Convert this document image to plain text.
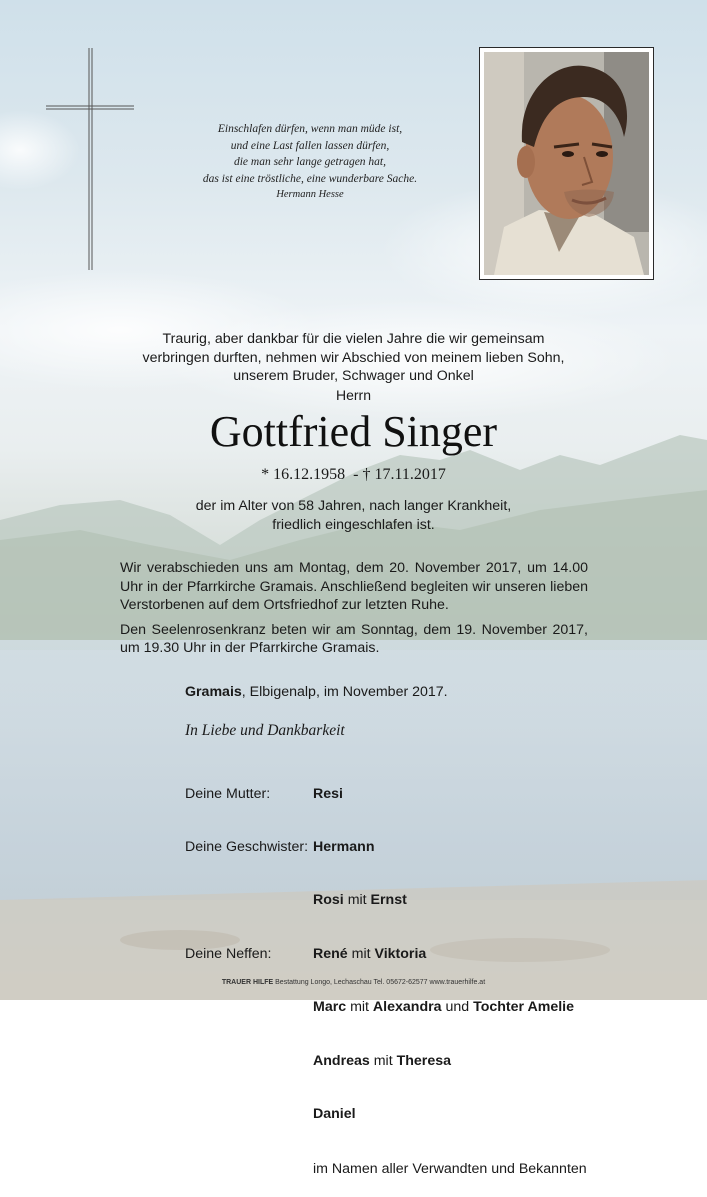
Einschlafen dürfen, wenn man müde ist,
und eine Last fallen lassen dürfen,
die man sehr lange getragen hat,
das ist eine tröstliche, eine wunderbare Sache.
Hermann Hesse
Traurig, aber dankbar für die vielen Jahre die wir gemeinsam
verbringen durften, nehmen wir Abschied von meinem lieben Sohn,
unserem Bruder, Schwager und Onkel
Herrn
Gottfried Singer
* 16.12.1958  - † 17.11.2017
der im Alter von 58 Jahren, nach langer Krankheit,
friedlich eingeschlafen ist.

Wir verabschieden uns am Montag, dem 20. November 2017, um 14.00 Uhr in der Pfarrkirche Gramais. Anschließend begleiten wir unseren lieben Verstorbenen auf dem Ortsfriedhof zur letzten Ruhe.

Den Seelenrosenkranz beten wir am Sonntag, dem 19. November 2017, um 19.30 Uhr in der Pfarrkirche Gramais.

Gramais, Elbigenalp, im November 2017.
In Liebe und Dankbarkeit

Deine Mutter:	Resi

Deine Geschwister: Hermann

Rosi mit Ernst

Deine Neffen:	René mit Viktoria

Marc mit Alexandra und Tochter Amelie

Andreas mit Theresa

Daniel

im Namen aller Verwandten und Bekannten

TRAUER HILFE Bestattung Longo, Lechaschau Tel. 05672-62577 www.trauerhilfe.at
